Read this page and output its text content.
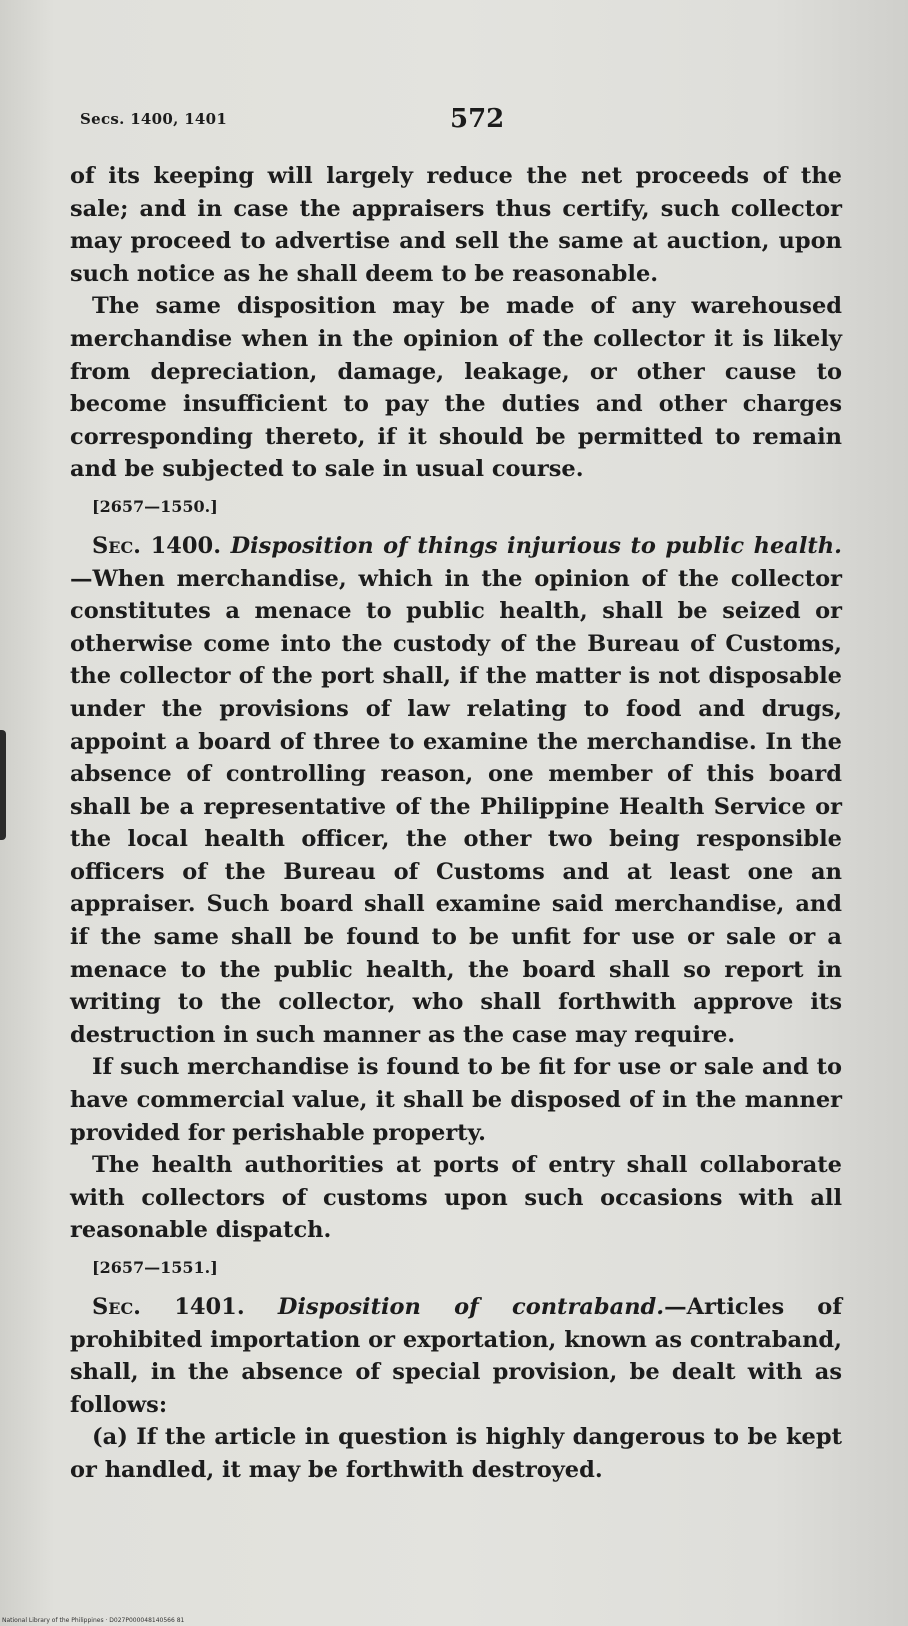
Secs. 1400, 1401	572

of its keeping will largely reduce the net proceeds of the sale; and in case the appraisers thus certify, such collector may proceed to advertise and sell the same at auction, upon such notice as he shall deem to be reasonable.

The same disposition may be made of any warehoused merchandise when in the opinion of the collector it is likely from depreciation, damage, leakage, or other cause to become insufficient to pay the duties and other charges corresponding thereto, if it should be permitted to remain and be subjected to sale in usual course.

[2657—1550.]

Sec. 1400. Disposition of things injurious to public health.—When merchandise, which in the opinion of the collector constitutes a menace to public health, shall be seized or otherwise come into the custody of the Bureau of Customs, the collector of the port shall, if the matter is not disposable under the provisions of law relating to food and drugs, appoint a board of three to examine the merchandise. In the absence of controlling reason, one member of this board shall be a representative of the Philippine Health Service or the local health officer, the other two being responsible officers of the Bureau of Customs and at least one an appraiser. Such board shall examine said merchandise, and if the same shall be found to be unfit for use or sale or a menace to the public health, the board shall so report in writing to the collector, who shall forthwith approve its destruction in such manner as the case may require.

If such merchandise is found to be fit for use or sale and to have commercial value, it shall be disposed of in the manner provided for perishable property.

The health authorities at ports of entry shall collaborate with collectors of customs upon such occasions with all reasonable dispatch.

[2657—1551.]

Sec. 1401. Disposition of contraband.—Articles of prohibited importation or exportation, known as contraband, shall, in the absence of special provision, be dealt with as follows:

(a) If the article in question is highly dangerous to be kept or handled, it may be forthwith destroyed.

National Library of the Philippines · D027P000048140566 81
